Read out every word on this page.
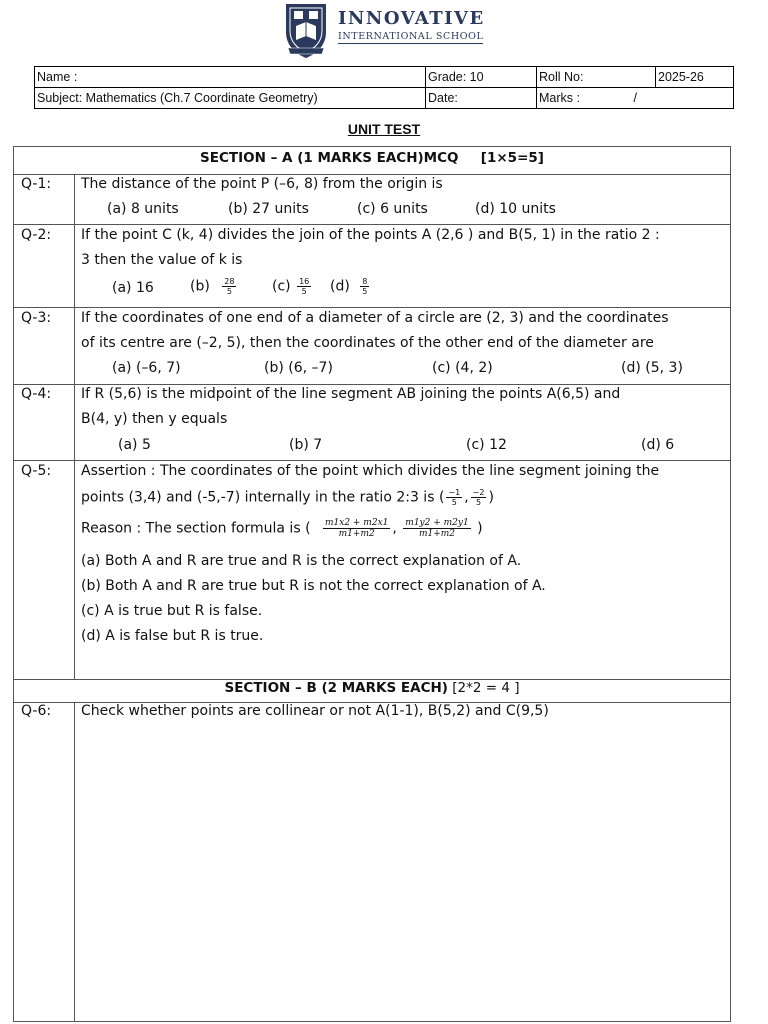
INNOVATIVE
INTERNATIONAL SCHOOL
Name :	Grade: 10	Roll No:	2025-26
Subject: Mathematics (Ch.7 Coordinate Geometry)	Date:	Marks : /	
UNIT TEST
SECTION – A (1 MARKS EACH)MCQ [1×5=5]
Q-1: The distance of the point P (–6, 8) from the origin is
(a) 8 units	(b) 27 units	(c) 6 units	(d) 10 units
Q-2: If the point C (k, 4) divides the join of the points A (2,6 ) and B(5, 1) in the ratio 2 :
3 then the value of k is
(a) 16	$(b) \frac{28}{5}$	$(c) \frac{16}{5} (d) \frac{8}{5}$
Q-3: If the coordinates of one end of a diameter of a circle are (2, 3) and the coordinates
of its centre are (–2, 5), then the coordinates of the other end of the diameter are
(a) (–6, 7)	(b) (6, –7)	(c) (4, 2)	(d) (5, 3)
Q-4: If R (5,6) is the midpoint of the line segment AB joining the points A(6,5) and
B(4, y) then y equals
(a) 5	(b) 7	(c) 12	(d) 6
Q-5: Assertion : The coordinates of the point which divides the line segment joining the
points (3,4) and (-5,-7) internally in the ratio 2:3 is ( $\frac{-1}{5}$ , $\frac{-2}{5}$ )
Reason : The section formula is ( $\frac{m1x2 + m2x1}{m1+m2}$ , $\frac{m1y2 + m2y1}{m1+m2}$ )
(a) Both A and R are true and R is the correct explanation of A.
(b) Both A and R are true but R is not the correct explanation of A.
(c) A is true but R is false.
(d) A is false but R is true.
SECTION – B (2 MARKS EACH) [2*2 = 4 ]
Q-6: Check whether points are collinear or not A(1-1), B(5,2) and C(9,5)
